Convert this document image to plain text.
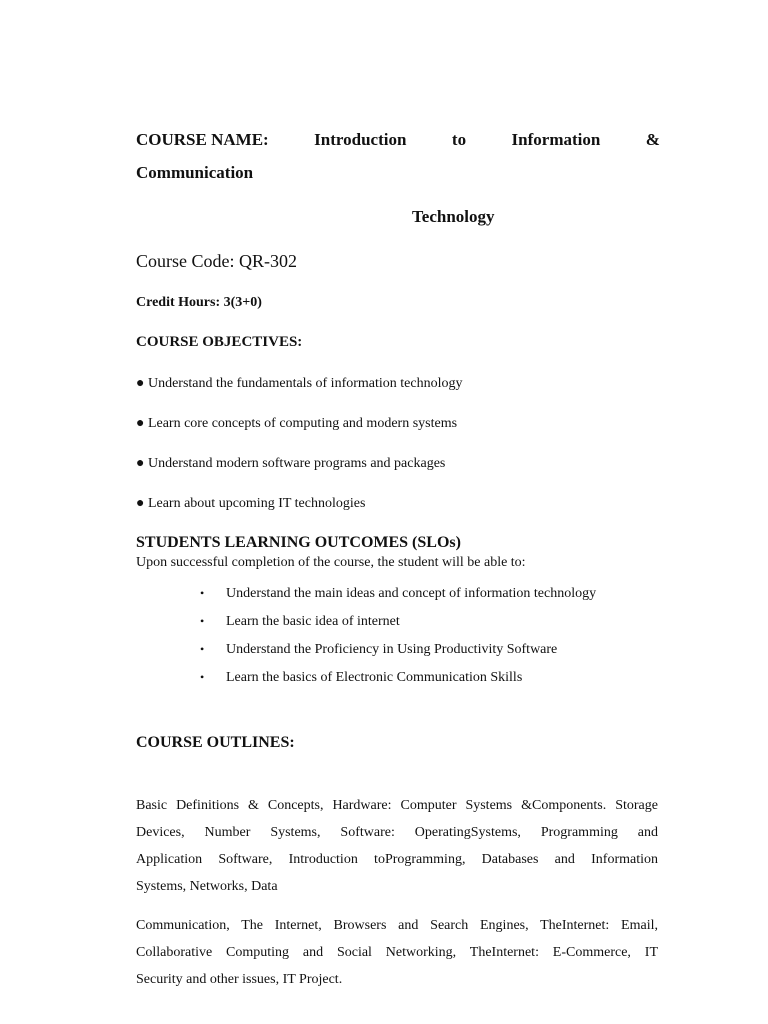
COURSE NAME:	Introduction	to	Information	&
Communication
Technology
Course Code: QR-302
Credit Hours: 3(3+0)
COURSE OBJECTIVES:
● Understand the fundamentals of information technology
● Learn core concepts of computing and modern systems
● Understand modern software programs and packages
● Learn about upcoming IT technologies
STUDENTS LEARNING OUTCOMES (SLOs)
Upon successful completion of the course, the student will be able to:
• Understand the main ideas and concept of information technology
• Learn the basic idea of internet
• Understand the Proficiency in Using Productivity Software
• Learn the basics of Electronic Communication Skills
COURSE OUTLINES:
Basic Definitions & Concepts, Hardware: Computer Systems &Components. Storage
Devices, Number Systems, Software: OperatingSystems, Programming and
Application Software, Introduction toProgramming, Databases and Information
Systems, Networks, Data
Communication, The Internet, Browsers and Search Engines, TheInternet: Email,
Collaborative Computing and Social Networking, TheInternet: E-Commerce, IT
Security and other issues, IT Project.
